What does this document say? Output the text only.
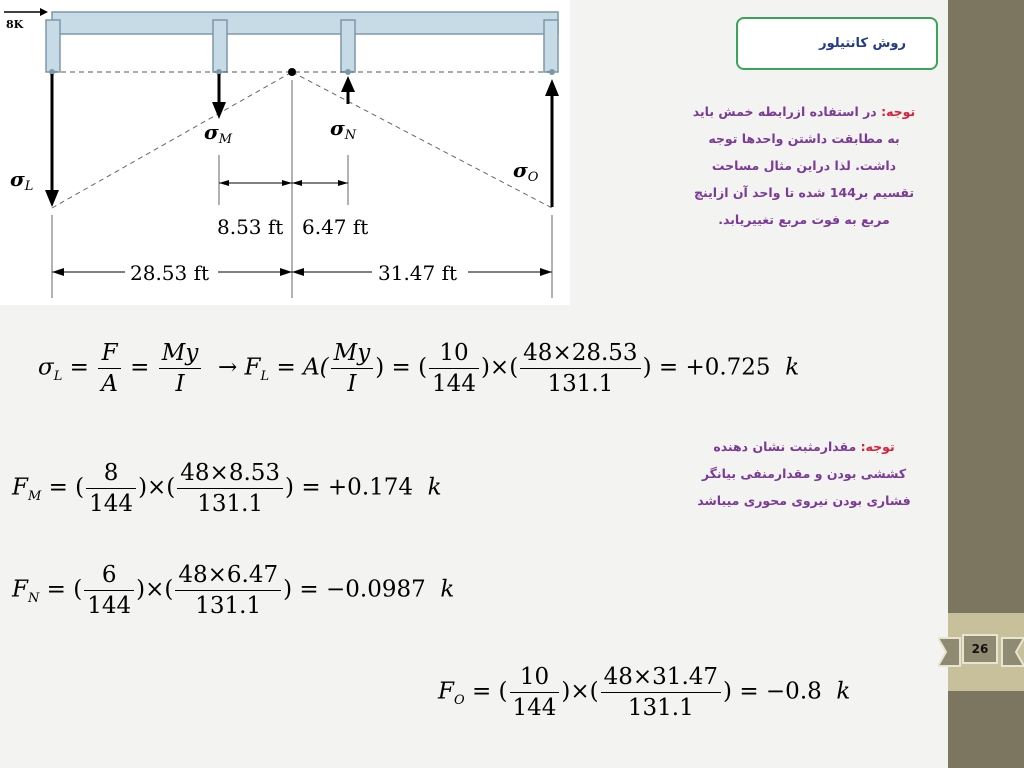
8K
$\sigma_L$
$\sigma_M$	$\sigma_N$
$\sigma_O$
8.53 ft 6.47 ft
28.53 ft	31.47 ft
روش کانتیلور
توجه: در استفاده ازرابطه خمش باید به مطابقت داشتن واحدها توجه داشت. لذا دراین مثال مساحت تقسیم بر144 شده تا واحد آن ازاینچ مربع به فوت مربع تغییریابد.
توجه: مقدارمثبت نشان دهنده کششی بودن و مقدارمنفی بیانگر فشاری بودن نیروی محوری میباشد
$\sigma_L = \frac{F}{A} = \frac{My}{I} \to F_L = A( \frac{My}{I}$ ) = ( $\frac{10}{144}$ )×( $\frac{48\times 28.53}{131.1}$ ) = +0.725 k
$F_M$ = ( $\frac{8}{144}$ )×( $\frac{48\times 8.53}{131.1}$ ) = +0.174 k
$F_N$ = ( $\frac{6}{144}$ )×( $\frac{48\times 6.47}{131.1}$ ) = −0.0987 k
$F_O$ = ( $\frac{10}{144}$ )×( $\frac{48\times 31.47}{131.1}$ ) = −0.8 k
26
